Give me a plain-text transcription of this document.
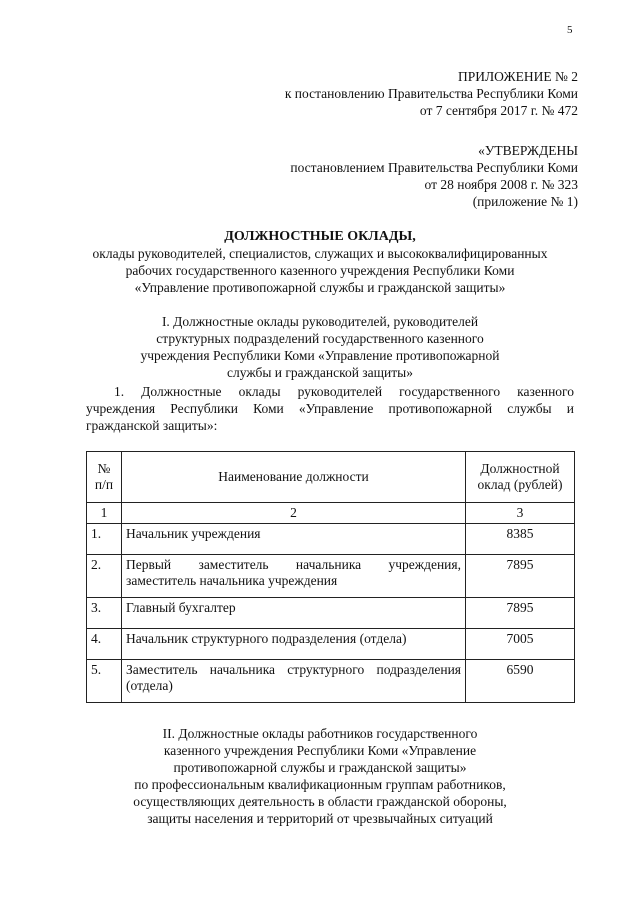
5
ПРИЛОЖЕНИЕ № 2
к постановлению Правительства Республики Коми
от 7 сентября 2017 г. № 472
«УТВЕРЖДЕНЫ
постановлением Правительства Республики Коми
от 28 ноября 2008 г. № 323
(приложение № 1)
ДОЛЖНОСТНЫЕ ОКЛАДЫ,
оклады руководителей, специалистов, служащих и высококвалифицированных
рабочих государственного казенного учреждения Республики Коми
«Управление противопожарной службы и гражданской защиты»
I. Должностные оклады руководителей, руководителей
структурных подразделений государственного казенного
учреждения Республики Коми «Управление противопожарной
службы и гражданской защиты»
1. Должностные оклады руководителей государственного казенного учреждения Республики Коми «Управление противопожарной службы и гражданской защиты»:
№ п/п	Наименование должности	Должностной оклад (рублей)
1	2	3
1.	Начальник учреждения	8385
2.	Первый заместитель начальника учреждения, заместитель начальника учреждения	7895
3.	Главный бухгалтер	7895
4.	Начальник структурного подразделения (отдела)	7005
5.	Заместитель начальника структурного подразделения (отдела)	6590
II. Должностные оклады работников государственного
казенного учреждения Республики Коми «Управление
противопожарной службы и гражданской защиты»
по профессиональным квалификационным группам работников,
осуществляющих деятельность в области гражданской обороны,
защиты населения и территорий от чрезвычайных ситуаций
